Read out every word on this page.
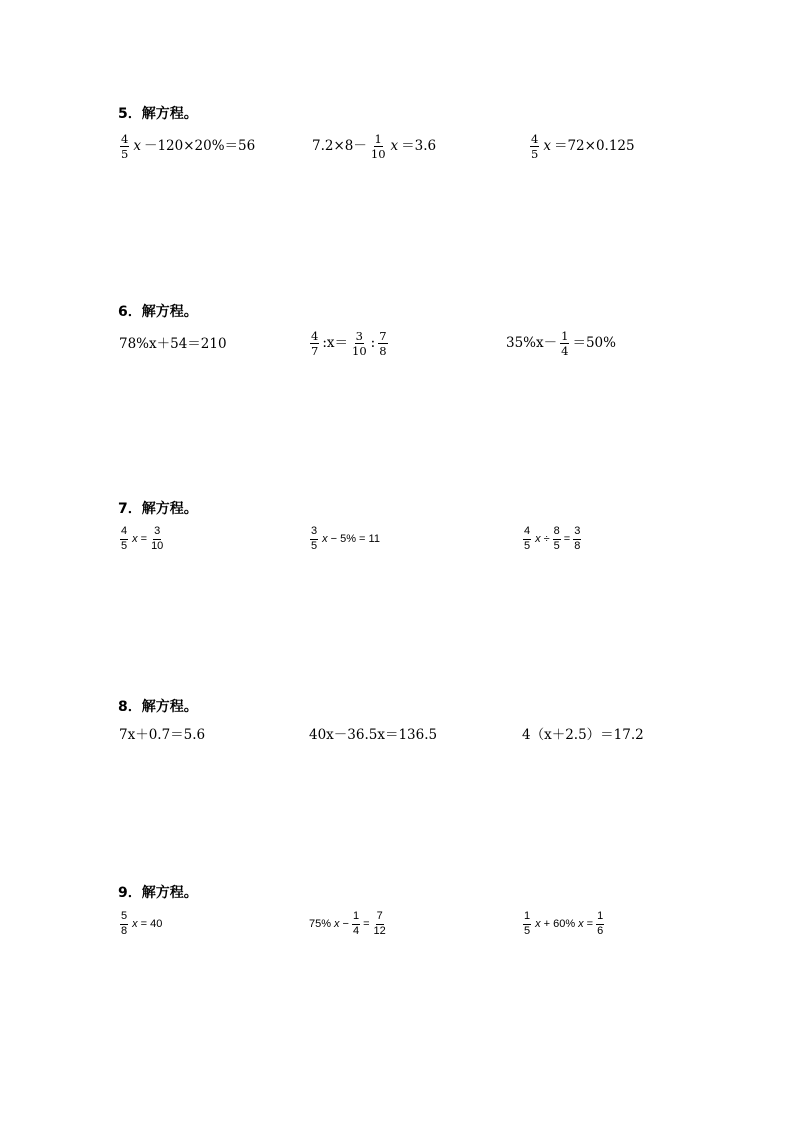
5．解方程。
$\frac{4}{5}$ x －120×20%＝56	$7.2\times 8- \frac{1}{10}$ x ＝3.6	$\frac{4}{5}$ x ＝72×0.125
6．解方程。
78%x＋54＝210	$\frac{4}{7}$ :x＝ $\frac{3}{10}$ : $\frac{7}{8}$	$35\%x- \frac{1}{4} =50\%$
7．解方程。
$\frac{4}{5}$ $x = \frac{3}{10}$	$\frac{3}{5}$ x − 5% = 11	$\frac{4}{5}$ $x \div \frac{8}{5} = \frac{3}{8}$
8．解方程。
7x＋0.7＝5.6	40x－36.5x＝136.5	4（x＋2.5）＝17.2
9．解方程。
$\frac{5}{8}$ x = 40	75% $x - \frac{1}{4} = \frac{7}{12}$	$\frac{1}{5}$ x + 60% $x = \frac{1}{6}$
